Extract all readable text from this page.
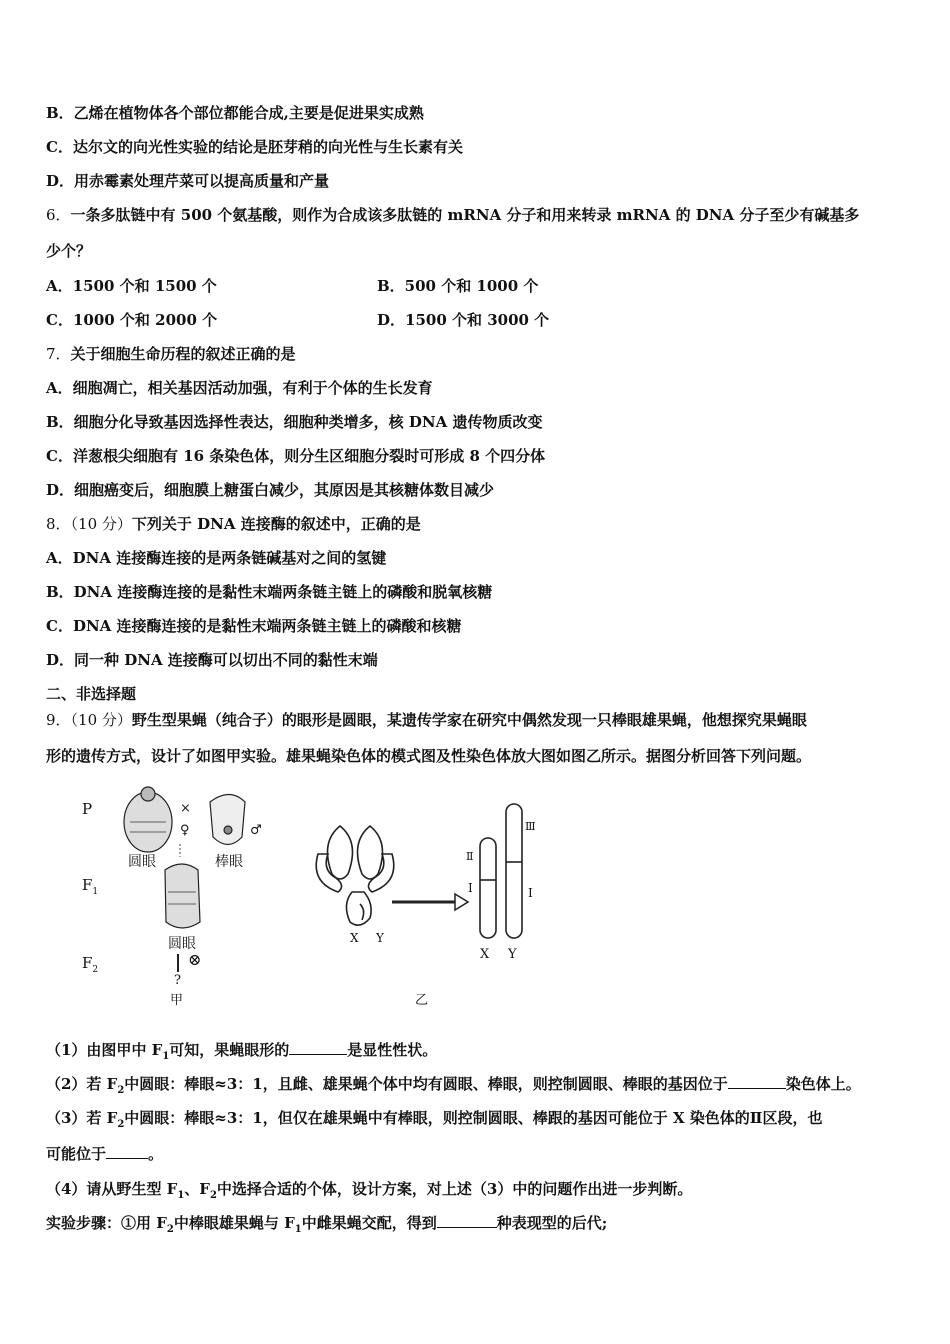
B．乙烯在植物体各个部位都能合成,主要是促进果实成熟
C．达尔文的向光性实验的结论是胚芽稍的向光性与生长素有关
D．用赤霉素处理芹菜可以提高质量和产量
6．一条多肽链中有 500 个氨基酸，则作为合成该多肽链的 mRNA 分子和用来转录 mRNA 的 DNA 分子至少有碱基多
少个？
A．1500 个和 1500 个	B．500 个和 1000 个
C．1000 个和 2000 个	D．1500 个和 3000 个
7．关于细胞生命历程的叙述正确的是
A．细胞凋亡，相关基因活动加强，有利于个体的生长发育
B．细胞分化导致基因选择性表达，细胞种类增多，核 DNA 遗传物质改变
C．洋葱根尖细胞有 16 条染色体，则分生区细胞分裂时可形成 8 个四分体
D．细胞癌变后，细胞膜上糖蛋白减少，其原因是其核糖体数目减少
8．（10 分）下列关于 DNA 连接酶的叙述中，正确的是
A．DNA 连接酶连接的是两条链碱基对之间的氢键
B．DNA 连接酶连接的是黏性末端两条链主链上的磷酸和脱氧核糖
C．DNA 连接酶连接的是黏性末端两条链主链上的磷酸和核糖
D．同一种 DNA 连接酶可以切出不同的黏性末端
二、非选择题
9．（10 分）野生型果蝇（纯合子）的眼形是圆眼，某遗传学家在研究中偶然发现一只棒眼雄果蝇，他想探究果蝇眼
形的遗传方式，设计了如图甲实验。雄果蝇染色体的模式图及性染色体放大图如图乙所示。据图分析回答下列问题。
P
$F_1$
$F_2$
×
♀	♂
圆眼	棒眼
圆眼
⊗
?
甲
X Y
Ⅱ
I
Ⅲ
I
X Y
乙
（1）由图甲中 $F_1$可知，果蝇眼形的	是显性性状。
（2）若 $F_2$中圆眼：棒眼≈3：1，且雌、雄果蝇个体中均有圆眼、棒眼，则控制圆眼、棒眼的基因位于	染色体上。
（3）若 $F_2$中圆眼：棒眼≈3：1，但仅在雄果蝇中有棒眼，则控制圆眼、棒跟的基因可能位于 X 染色体的Ⅱ区段，也
可能位于	。
（4）请从野生型 $F_1$、$F_2$中选择合适的个体，设计方案，对上述（3）中的问题作出进一步判断。
实验步骤：①用 $F_2$中棒眼雄果蝇与 $F_1$中雌果蝇交配，得到	种表现型的后代;
